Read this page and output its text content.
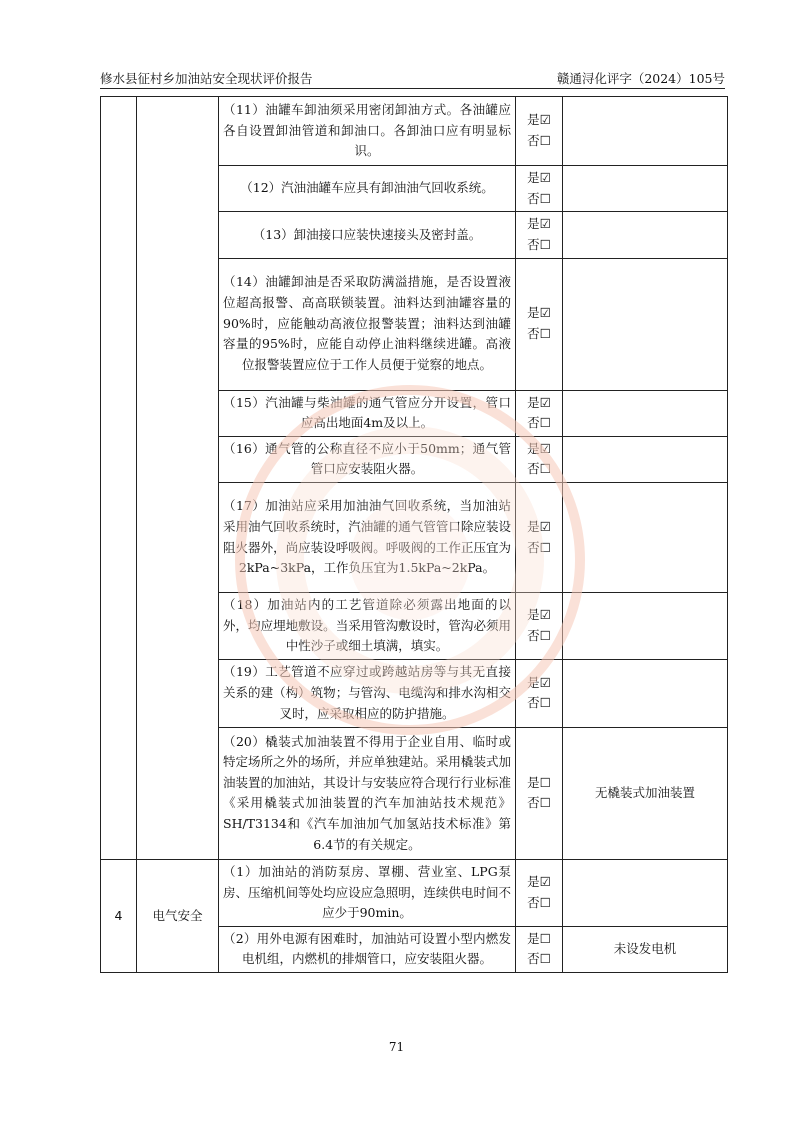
修水县征村乡加油站安全现状评价报告	赣通浔化评字（2024）105号
		（11）油罐车卸油须采用密闭卸油方式。各油罐应各自设置卸油管道和卸油口。各卸油口应有明显标识。	是☑
否☐	

		（12）汽油油罐车应具有卸油油气回收系统。	是☑
否☐	

		（13）卸油接口应装快速接头及密封盖。	是☑
否☐	

		（14）油罐卸油是否采取防满溢措施，是否设置液位超高报警、高高联锁装置。油料达到油罐容量的90%时，应能触动高液位报警装置；油料达到油罐容量的95%时，应能自动停止油料继续进罐。高液位报警装置应位于工作人员便于觉察的地点。	是☑
否☐	

		（15）汽油罐与柴油罐的通气管应分开设置，管口应高出地面4m及以上。	是☑
否☐	

		（16）通气管的公称直径不应小于50mm；通气管管口应安装阻火器。	是☑
否☐	

		（17）加油站应采用加油油气回收系统，当加油站采用油气回收系统时，汽油罐的通气管管口除应装设阻火器外，尚应装设呼吸阀。呼吸阀的工作正压宜为2kPa~3kPa，工作负压宜为1.5kPa~2kPa。	是☑
否☐	

		（18）加油站内的工艺管道除必须露出地面的以外，均应埋地敷设。当采用管沟敷设时，管沟必须用中性沙子或细土填满，填实。	是☑
否☐	

		（19）工艺管道不应穿过或跨越站房等与其无直接关系的建（构）筑物；与管沟、电缆沟和排水沟相交叉时，应采取相应的防护措施。	是☑
否☐	

		（20）橇装式加油装置不得用于企业自用、临时或特定场所之外的场所，并应单独建站。采用橇装式加油装置的加油站，其设计与安装应符合现行行业标准《采用橇装式加油装置的汽车加油站技术规范》SH/T3134和《汽车加油加气加氢站技术标准》第6.4节的有关规定。	是☐
否☐	无橇装式加油装置
4	电气安全	（1）加油站的消防泵房、罩棚、营业室、LPG泵房、压缩机间等处均应设应急照明，连续供电时间不应少于90min。	是☑
否☐	

		（2）用外电源有困难时，加油站可设置小型内燃发电机组，内燃机的排烟管口，应安装阻火器。	是☐
否☐	未设发电机
71
